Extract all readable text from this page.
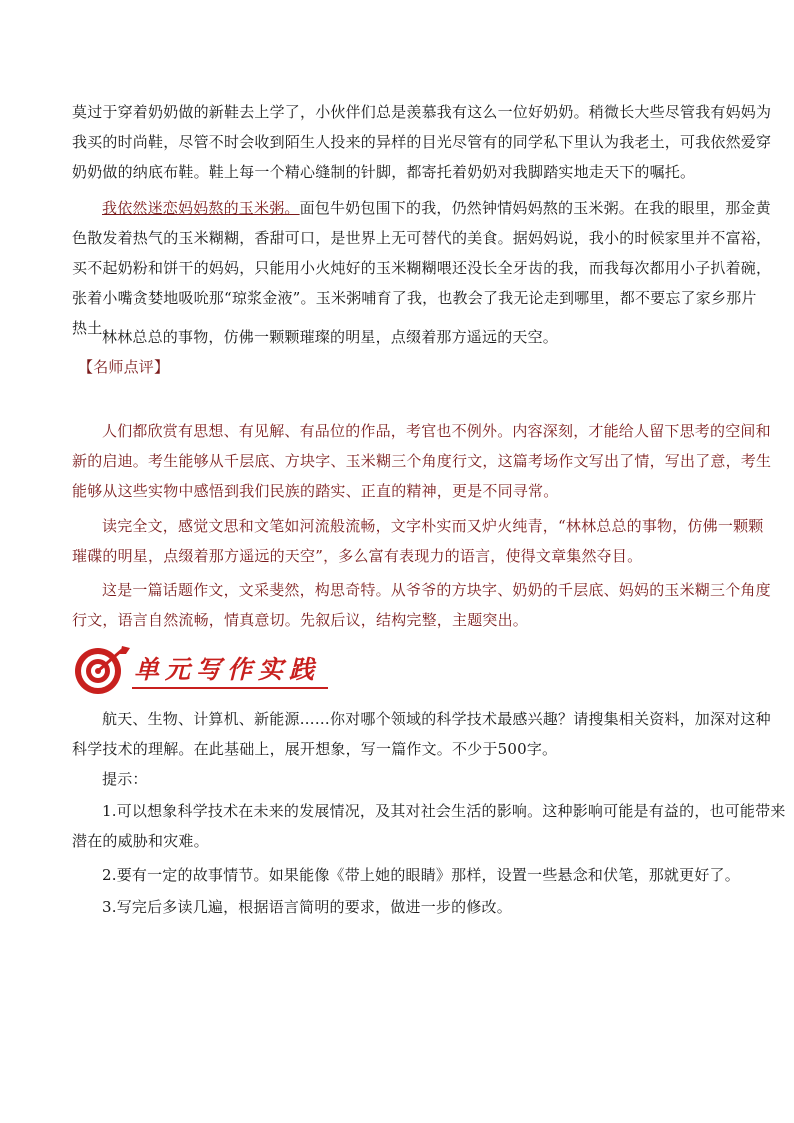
莫过于穿着奶奶做的新鞋去上学了，小伙伴们总是羡慕我有这么一位好奶奶。稍微长大些尽管我有妈妈为
我买的时尚鞋，尽管不时会收到陌生人投来的异样的目光尽管有的同学私下里认为我老土，可我依然爱穿
奶奶做的纳底布鞋。鞋上每一个精心缝制的针脚，都寄托着奶奶对我脚踏实地走天下的嘱托。

我依然迷恋妈妈熬的玉米粥。面包牛奶包围下的我，仍然钟情妈妈熬的玉米粥。在我的眼里，那金黄
色散发着热气的玉米糊糊，香甜可口，是世界上无可替代的美食。据妈妈说，我小的时候家里并不富裕，
买不起奶粉和饼干的妈妈，只能用小火炖好的玉米糊糊喂还没长全牙齿的我，而我每次都用小子扒着碗，
张着小嘴贪婪地吸吮那“琼浆金液”。玉米粥哺育了我，也教会了我无论走到哪里，都不要忘了家乡那片
热土。

林林总总的事物，仿佛一颗颗璀璨的明星，点缀着那方遥远的天空。

【名师点评】

人们都欣赏有思想、有见解、有品位的作品，考官也不例外。内容深刻，才能给人留下思考的空间和
新的启迪。考生能够从千层底、方块字、玉米糊三个角度行文，这篇考场作文写出了情，写出了意，考生
能够从这些实物中感悟到我们民族的踏实、正直的精神，更是不同寻常。

读完全文，感觉文思和文笔如河流般流畅，文字朴实而又炉火纯青，“林林总总的事物，仿佛一颗颗
璀碟的明星，点缀着那方遥远的天空”，多么富有表现力的语言，使得文章集然夺目。

这是一篇话题作文，文采斐然，构思奇特。从爷爷的方块字、奶奶的千层底、妈妈的玉米糊三个角度
行文，语言自然流畅，情真意切。先叙后议，结构完整，主题突出。

单元写作实践

航天、生物、计算机、新能源……你对哪个领域的科学技术最感兴趣？请搜集相关资料，加深对这种
科学技术的理解。在此基础上，展开想象，写一篇作文。不少于500字。

提示：

1.可以想象科学技术在未来的发展情况，及其对社会生活的影响。这种影响可能是有益的，也可能带来
潜在的威胁和灾难。

2.要有一定的故事情节。如果能像《带上她的眼睛》那样，设置一些悬念和伏笔，那就更好了。

3.写完后多读几遍，根据语言简明的要求，做进一步的修改。
